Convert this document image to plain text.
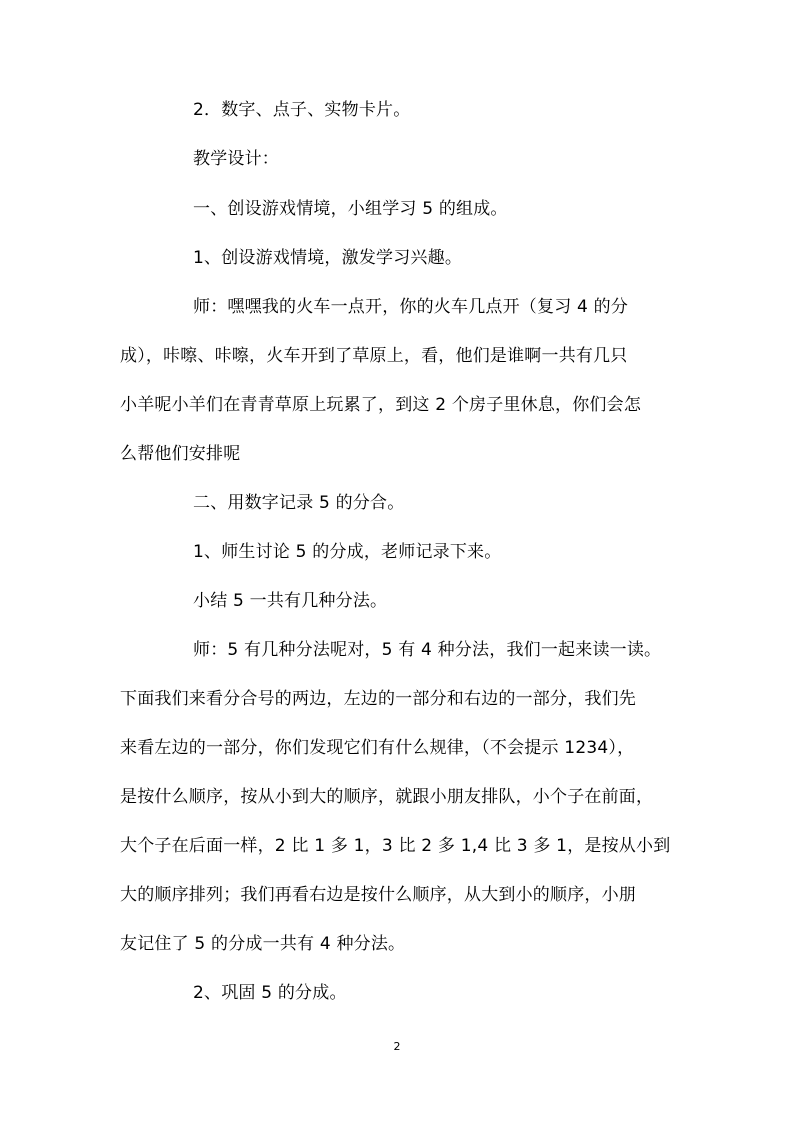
2．数字、点子、实物卡片。
教学设计：
一、创设游戏情境，小组学习 5 的组成。
1、创设游戏情境，激发学习兴趣。
师：嘿嘿我的火车一点开，你的火车几点开（复习 4 的分
成），咔嚓、咔嚓，火车开到了草原上，看，他们是谁啊一共有几只
小羊呢小羊们在青青草原上玩累了，到这 2 个房子里休息，你们会怎
么帮他们安排呢
二、用数字记录 5 的分合。
1、师生讨论 5 的分成，老师记录下来。
小结 5 一共有几种分法。
师：5 有几种分法呢对，5 有 4 种分法，我们一起来读一读。
下面我们来看分合号的两边，左边的一部分和右边的一部分，我们先
来看左边的一部分，你们发现它们有什么规律，（不会提示 1234），
是按什么顺序，按从小到大的顺序，就跟小朋友排队，小个子在前面，
大个子在后面一样，2 比 1 多 1，3 比 2 多 1,4 比 3 多 1，是按从小到
大的顺序排列；我们再看右边是按什么顺序，从大到小的顺序，小朋
友记住了 5 的分成一共有 4 种分法。
2、巩固 5 的分成。
2
